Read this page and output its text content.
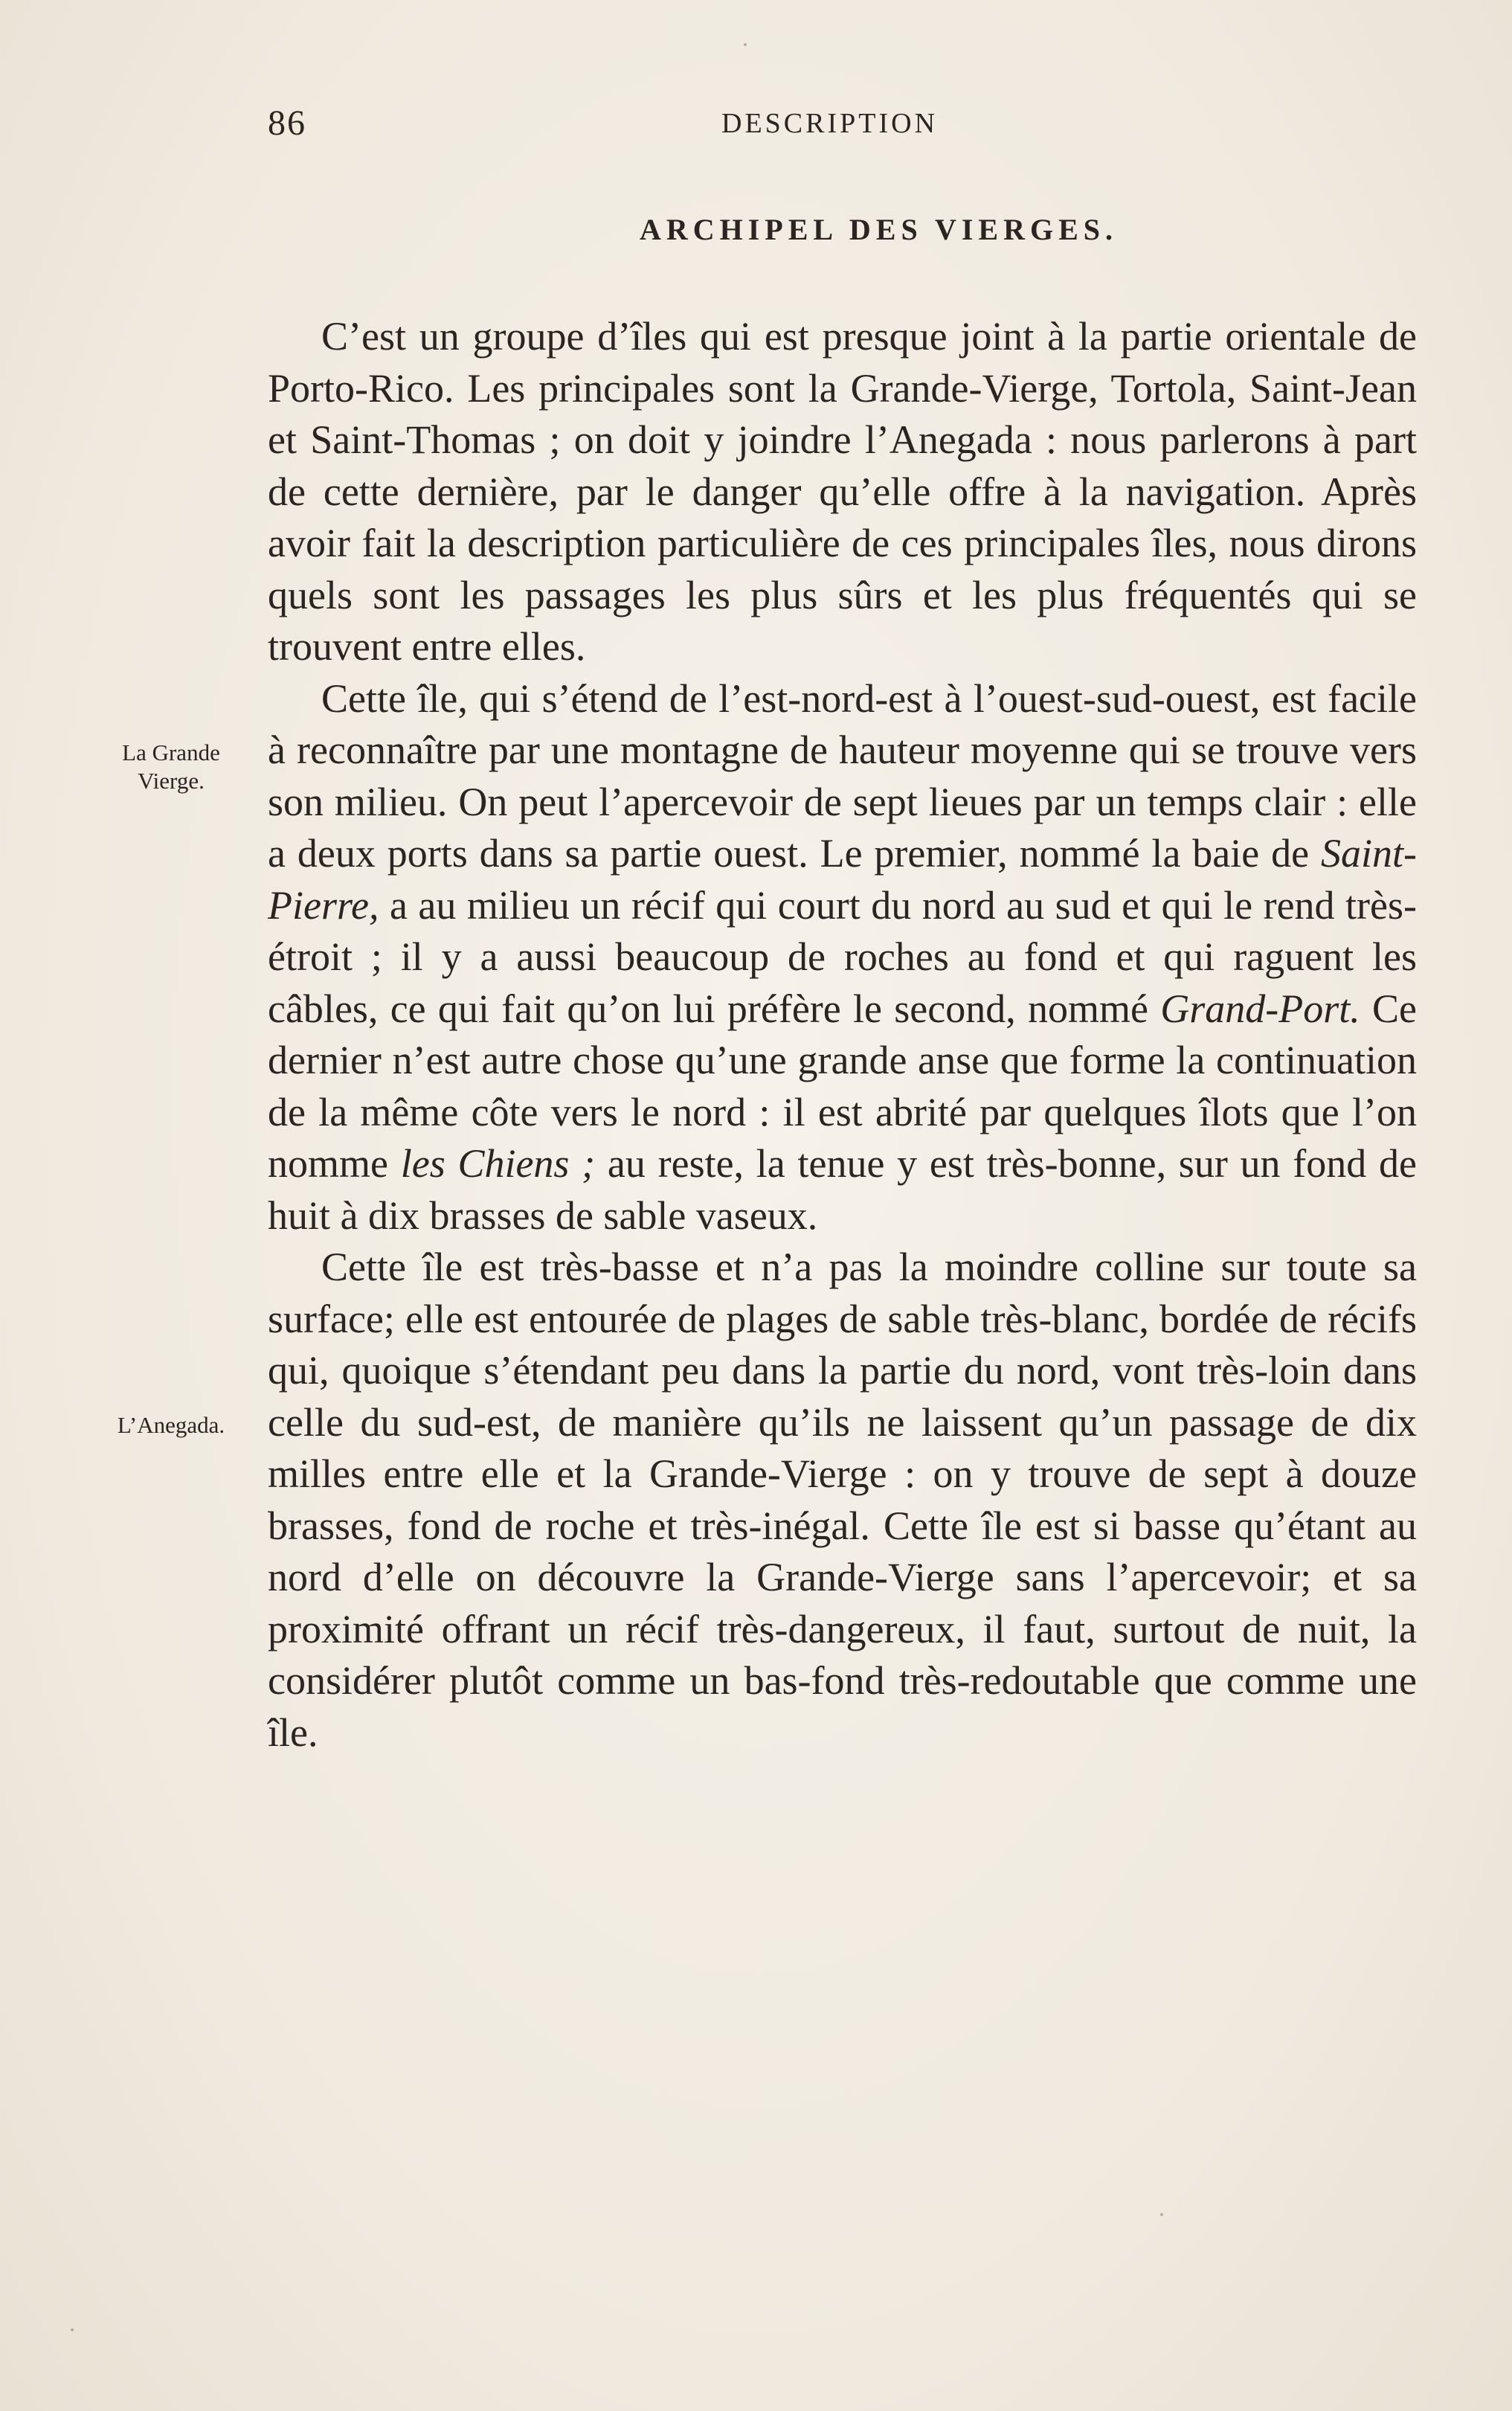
86	DESCRIPTION
ARCHIPEL DES VIERGES.
La Grande Vierge.
L’Anegada.

C’est un groupe d’îles qui est presque joint à la partie orientale de Porto-Rico. Les principales sont la Grande-Vierge, Tortola, Saint-Jean et Saint-Thomas ; on doit y joindre l’Anegada : nous parlerons à part de cette dernière, par le danger qu’elle offre à la navigation. Après avoir fait la description particulière de ces principales îles, nous dirons quels sont les passages les plus sûrs et les plus fréquentés qui se trouvent entre elles.

Cette île, qui s’étend de l’est-nord-est à l’ouest-sud-ouest, est facile à reconnaître par une montagne de hauteur moyenne qui se trouve vers son milieu. On peut l’apercevoir de sept lieues par un temps clair : elle a deux ports dans sa partie ouest. Le premier, nommé la baie de Saint-Pierre, a au milieu un récif qui court du nord au sud et qui le rend très-étroit ; il y a aussi beaucoup de roches au fond et qui raguent les câbles, ce qui fait qu’on lui préfère le second, nommé Grand-Port. Ce dernier n’est autre chose qu’une grande anse que forme la continuation de la même côte vers le nord : il est abrité par quelques îlots que l’on nomme les Chiens ; au reste, la tenue y est très-bonne, sur un fond de huit à dix brasses de sable vaseux.

Cette île est très-basse et n’a pas la moindre colline sur toute sa surface; elle est entourée de plages de sable très-blanc, bordée de récifs qui, quoique s’étendant peu dans la partie du nord, vont très-loin dans celle du sud-est, de manière qu’ils ne laissent qu’un passage de dix milles entre elle et la Grande-Vierge : on y trouve de sept à douze brasses, fond de roche et très-inégal. Cette île est si basse qu’étant au nord d’elle on découvre la Grande-Vierge sans l’apercevoir; et sa proximité offrant un récif très-dangereux, il faut, surtout de nuit, la considérer plutôt comme un bas-fond très-redoutable que comme une île.
